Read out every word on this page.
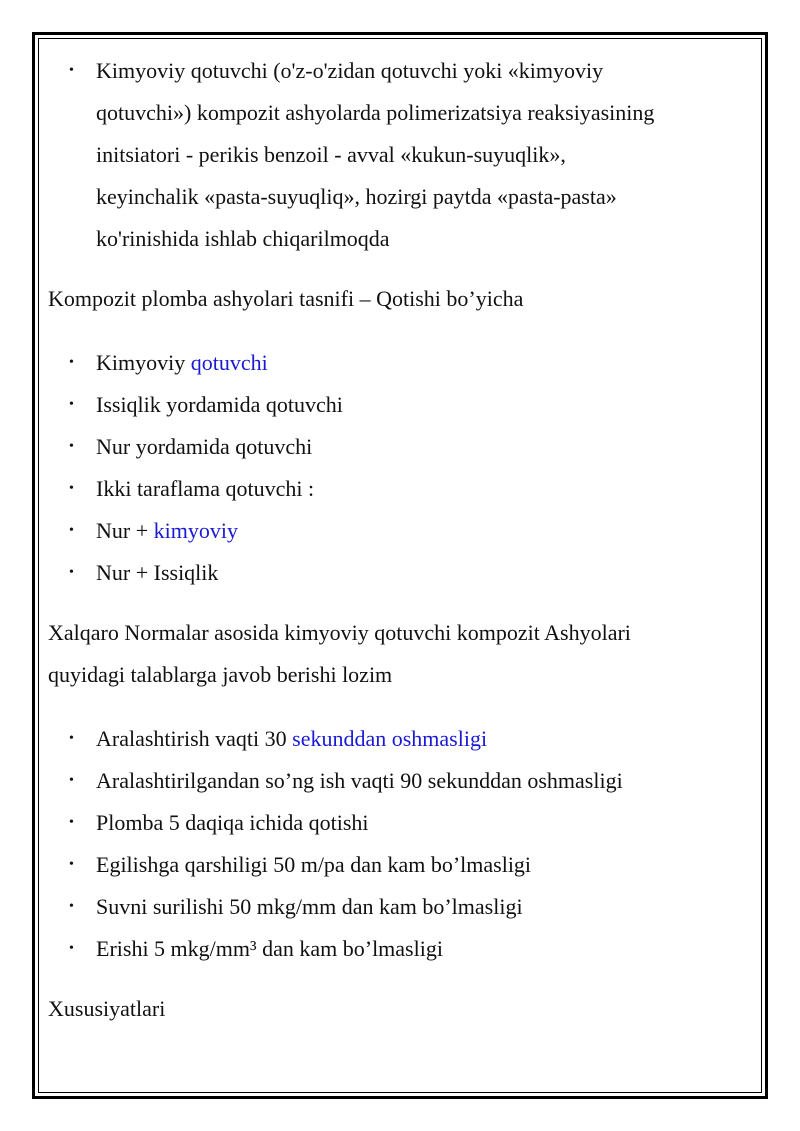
• Kimyoviy qotuvchi (o'z-o'zidan qotuvchi yoki «kimyoviy
qotuvchi») kompozit ashyolarda polimerizatsiya reaksiyasining
initsiatori - perikis benzoil - avval «kukun-suyuqlik»,
keyinchalik «pasta-suyuqliq», hozirgi paytda «pasta-pasta»
ko'rinishida ishlab chiqarilmoqda

Kompozit plomba ashyolari tasnifi – Qotishi bo’yicha

• Kimyoviy qotuvchi
• Issiqlik yordamida qotuvchi
• Nur yordamida qotuvchi
• Ikki taraflama qotuvchi :
• Nur + kimyoviy
• Nur + Issiqlik

Xalqaro Normalar asosida kimyoviy qotuvchi kompozit Ashyolari

quyidagi talablarga javob berishi lozim

• Aralashtirish vaqti 30 sekunddan oshmasligi
• Aralashtirilgandan so’ng ish vaqti 90 sekunddan oshmasligi
• Plomba 5 daqiqa ichida qotishi
• Egilishga qarshiligi 50 m/pa dan kam bo’lmasligi
• Suvni surilishi 50 mkg/mm dan kam bo’lmasligi
• Erishi 5 mkg/mm³ dan kam bo’lmasligi

Xususiyatlari
